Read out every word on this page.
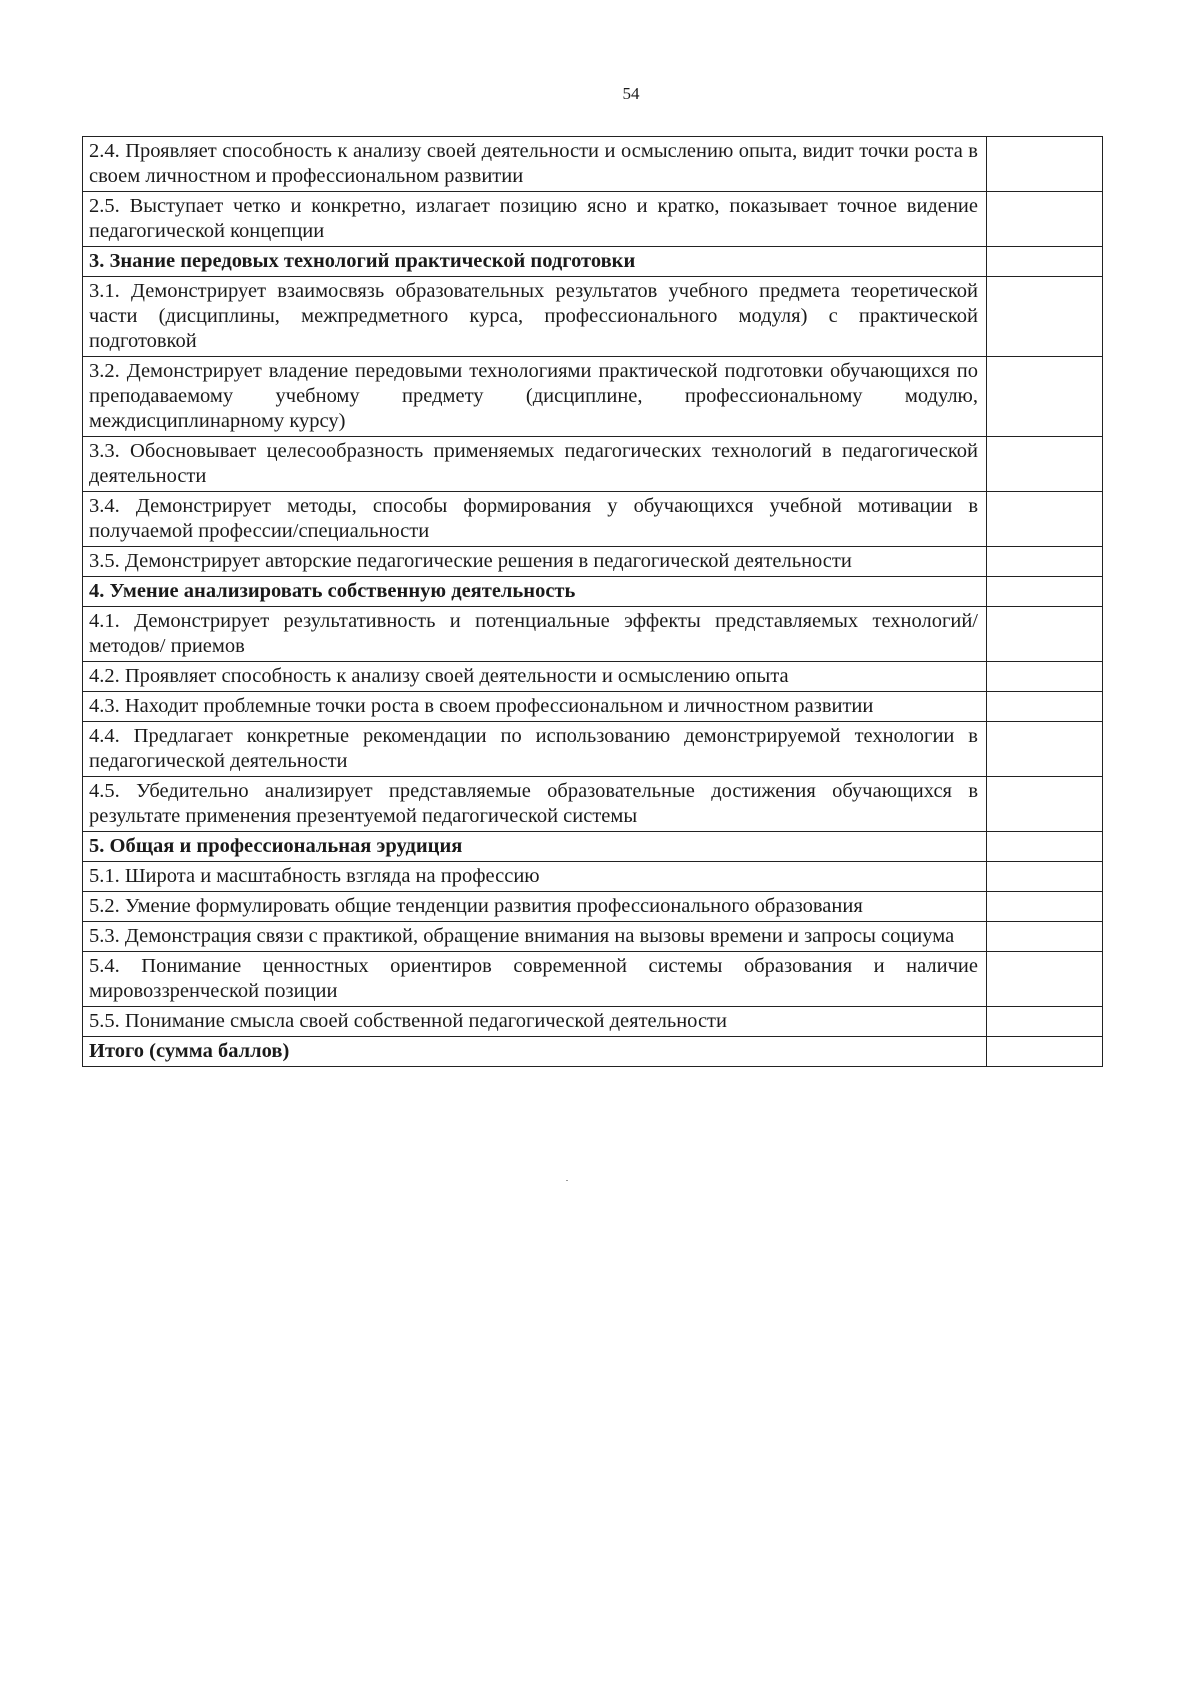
54
2.4. Проявляет способность к анализу своей деятельности и осмыслению опыта, видит точки роста в своем личностном и профессиональном развитии	
2.5. Выступает четко и конкретно, излагает позицию ясно и кратко, показывает точное видение педагогической концепции	
3. Знание передовых технологий практической подготовки	
3.1. Демонстрирует взаимосвязь образовательных результатов учебного предмета теоретической части (дисциплины, межпредметного курса, профессионального модуля) с практической подготовкой	
3.2. Демонстрирует владение передовыми технологиями практической подготовки обучающихся по преподаваемому учебному предмету (дисциплине, профессиональному модулю, междисциплинарному курсу)	
3.3. Обосновывает целесообразность применяемых педагогических технологий в педагогической деятельности	
3.4. Демонстрирует методы, способы формирования у обучающихся учебной мотивации в получаемой профессии/специальности	
3.5. Демонстрирует авторские педагогические решения в педагогической деятельности	
4. Умение анализировать собственную деятельность	
4.1. Демонстрирует результативность и потенциальные эффекты представляемых технологий/ методов/ приемов	
4.2. Проявляет способность к анализу своей деятельности и осмыслению опыта	
4.3. Находит проблемные точки роста в своем профессиональном и личностном развитии	
4.4. Предлагает конкретные рекомендации по использованию демонстрируемой технологии в педагогической деятельности	
4.5. Убедительно анализирует представляемые образовательные достижения обучающихся в результате применения презентуемой педагогической системы	
5. Общая и профессиональная эрудиция	
5.1. Широта и масштабность взгляда на профессию	
5.2. Умение формулировать общие тенденции развития профессионального образования	
5.3. Демонстрация связи с практикой, обращение внимания на вызовы времени и запросы социума	
5.4. Понимание ценностных ориентиров современной системы образования и наличие мировоззренческой позиции	
5.5. Понимание смысла своей собственной педагогической деятельности	
Итого (сумма баллов)	
